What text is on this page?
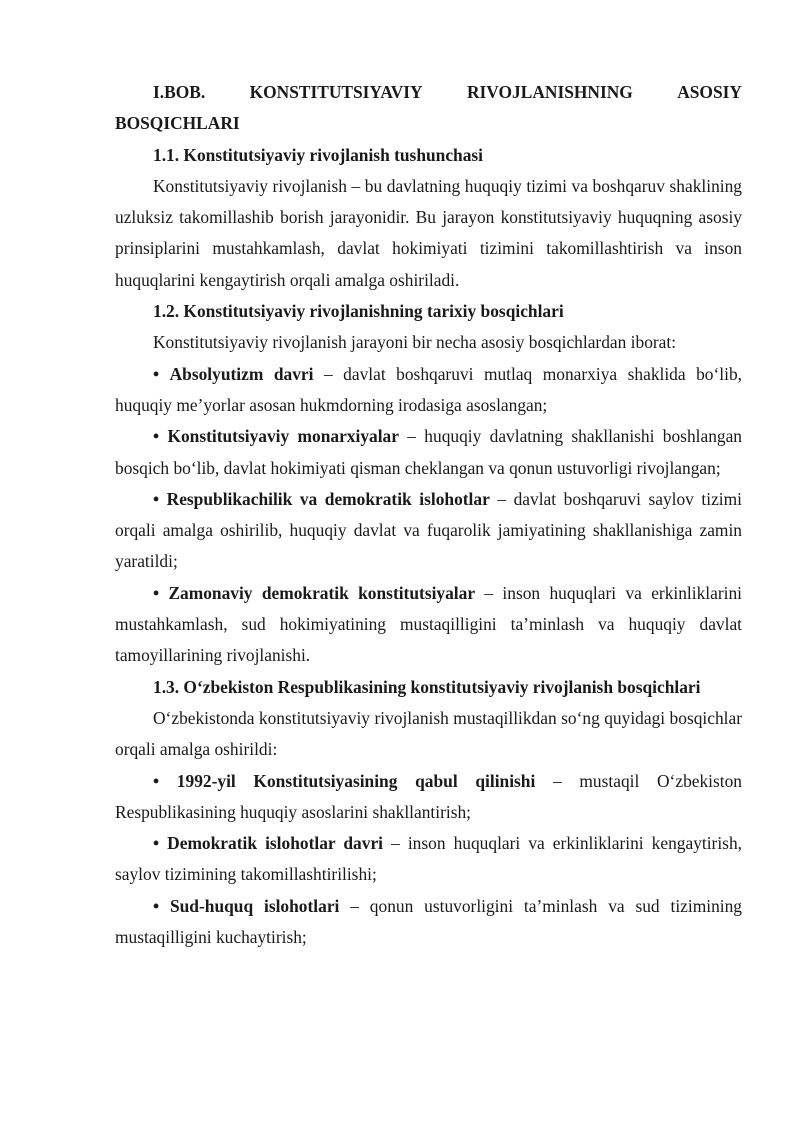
I.BOB.	KONSTITUTSIYAVIY	RIVOJLANISHNING	ASOSIY

BOSQICHLARI

1.1. Konstitutsiyaviy rivojlanish tushunchasi

Konstitutsiyaviy rivojlanish – bu davlatning huquqiy tizimi va boshqaruv shaklining uzluksiz takomillashib borish jarayonidir. Bu jarayon konstitutsiyaviy huquqning asosiy prinsiplarini mustahkamlash, davlat hokimiyati tizimini takomillashtirish va inson huquqlarini kengaytirish orqali amalga oshiriladi.

1.2. Konstitutsiyaviy rivojlanishning tarixiy bosqichlari

Konstitutsiyaviy rivojlanish jarayoni bir necha asosiy bosqichlardan iborat:

• Absolyutizm davri – davlat boshqaruvi mutlaq monarxiya shaklida bo‘lib, huquqiy me’yorlar asosan hukmdorning irodasiga asoslangan;

• Konstitutsiyaviy monarxiyalar – huquqiy davlatning shakllanishi boshlangan bosqich bo‘lib, davlat hokimiyati qisman cheklangan va qonun ustuvorligi rivojlangan;

• Respublikachilik va demokratik islohotlar – davlat boshqaruvi saylov tizimi orqali amalga oshirilib, huquqiy davlat va fuqarolik jamiyatining shakllanishiga zamin yaratildi;

• Zamonaviy demokratik konstitutsiyalar – inson huquqlari va erkinliklarini mustahkamlash, sud hokimiyatining mustaqilligini ta’minlash va huquqiy davlat tamoyillarining rivojlanishi.

1.3. O‘zbekiston Respublikasining konstitutsiyaviy rivojlanish bosqichlari

O‘zbekistonda konstitutsiyaviy rivojlanish mustaqillikdan so‘ng quyidagi bosqichlar orqali amalga oshirildi:

• 1992-yil Konstitutsiyasining qabul qilinishi – mustaqil O‘zbekiston Respublikasining huquqiy asoslarini shakllantirish;

• Demokratik islohotlar davri – inson huquqlari va erkinliklarini kengaytirish, saylov tizimining takomillashtirilishi;

• Sud-huquq islohotlari – qonun ustuvorligini ta’minlash va sud tizimining mustaqilligini kuchaytirish;
